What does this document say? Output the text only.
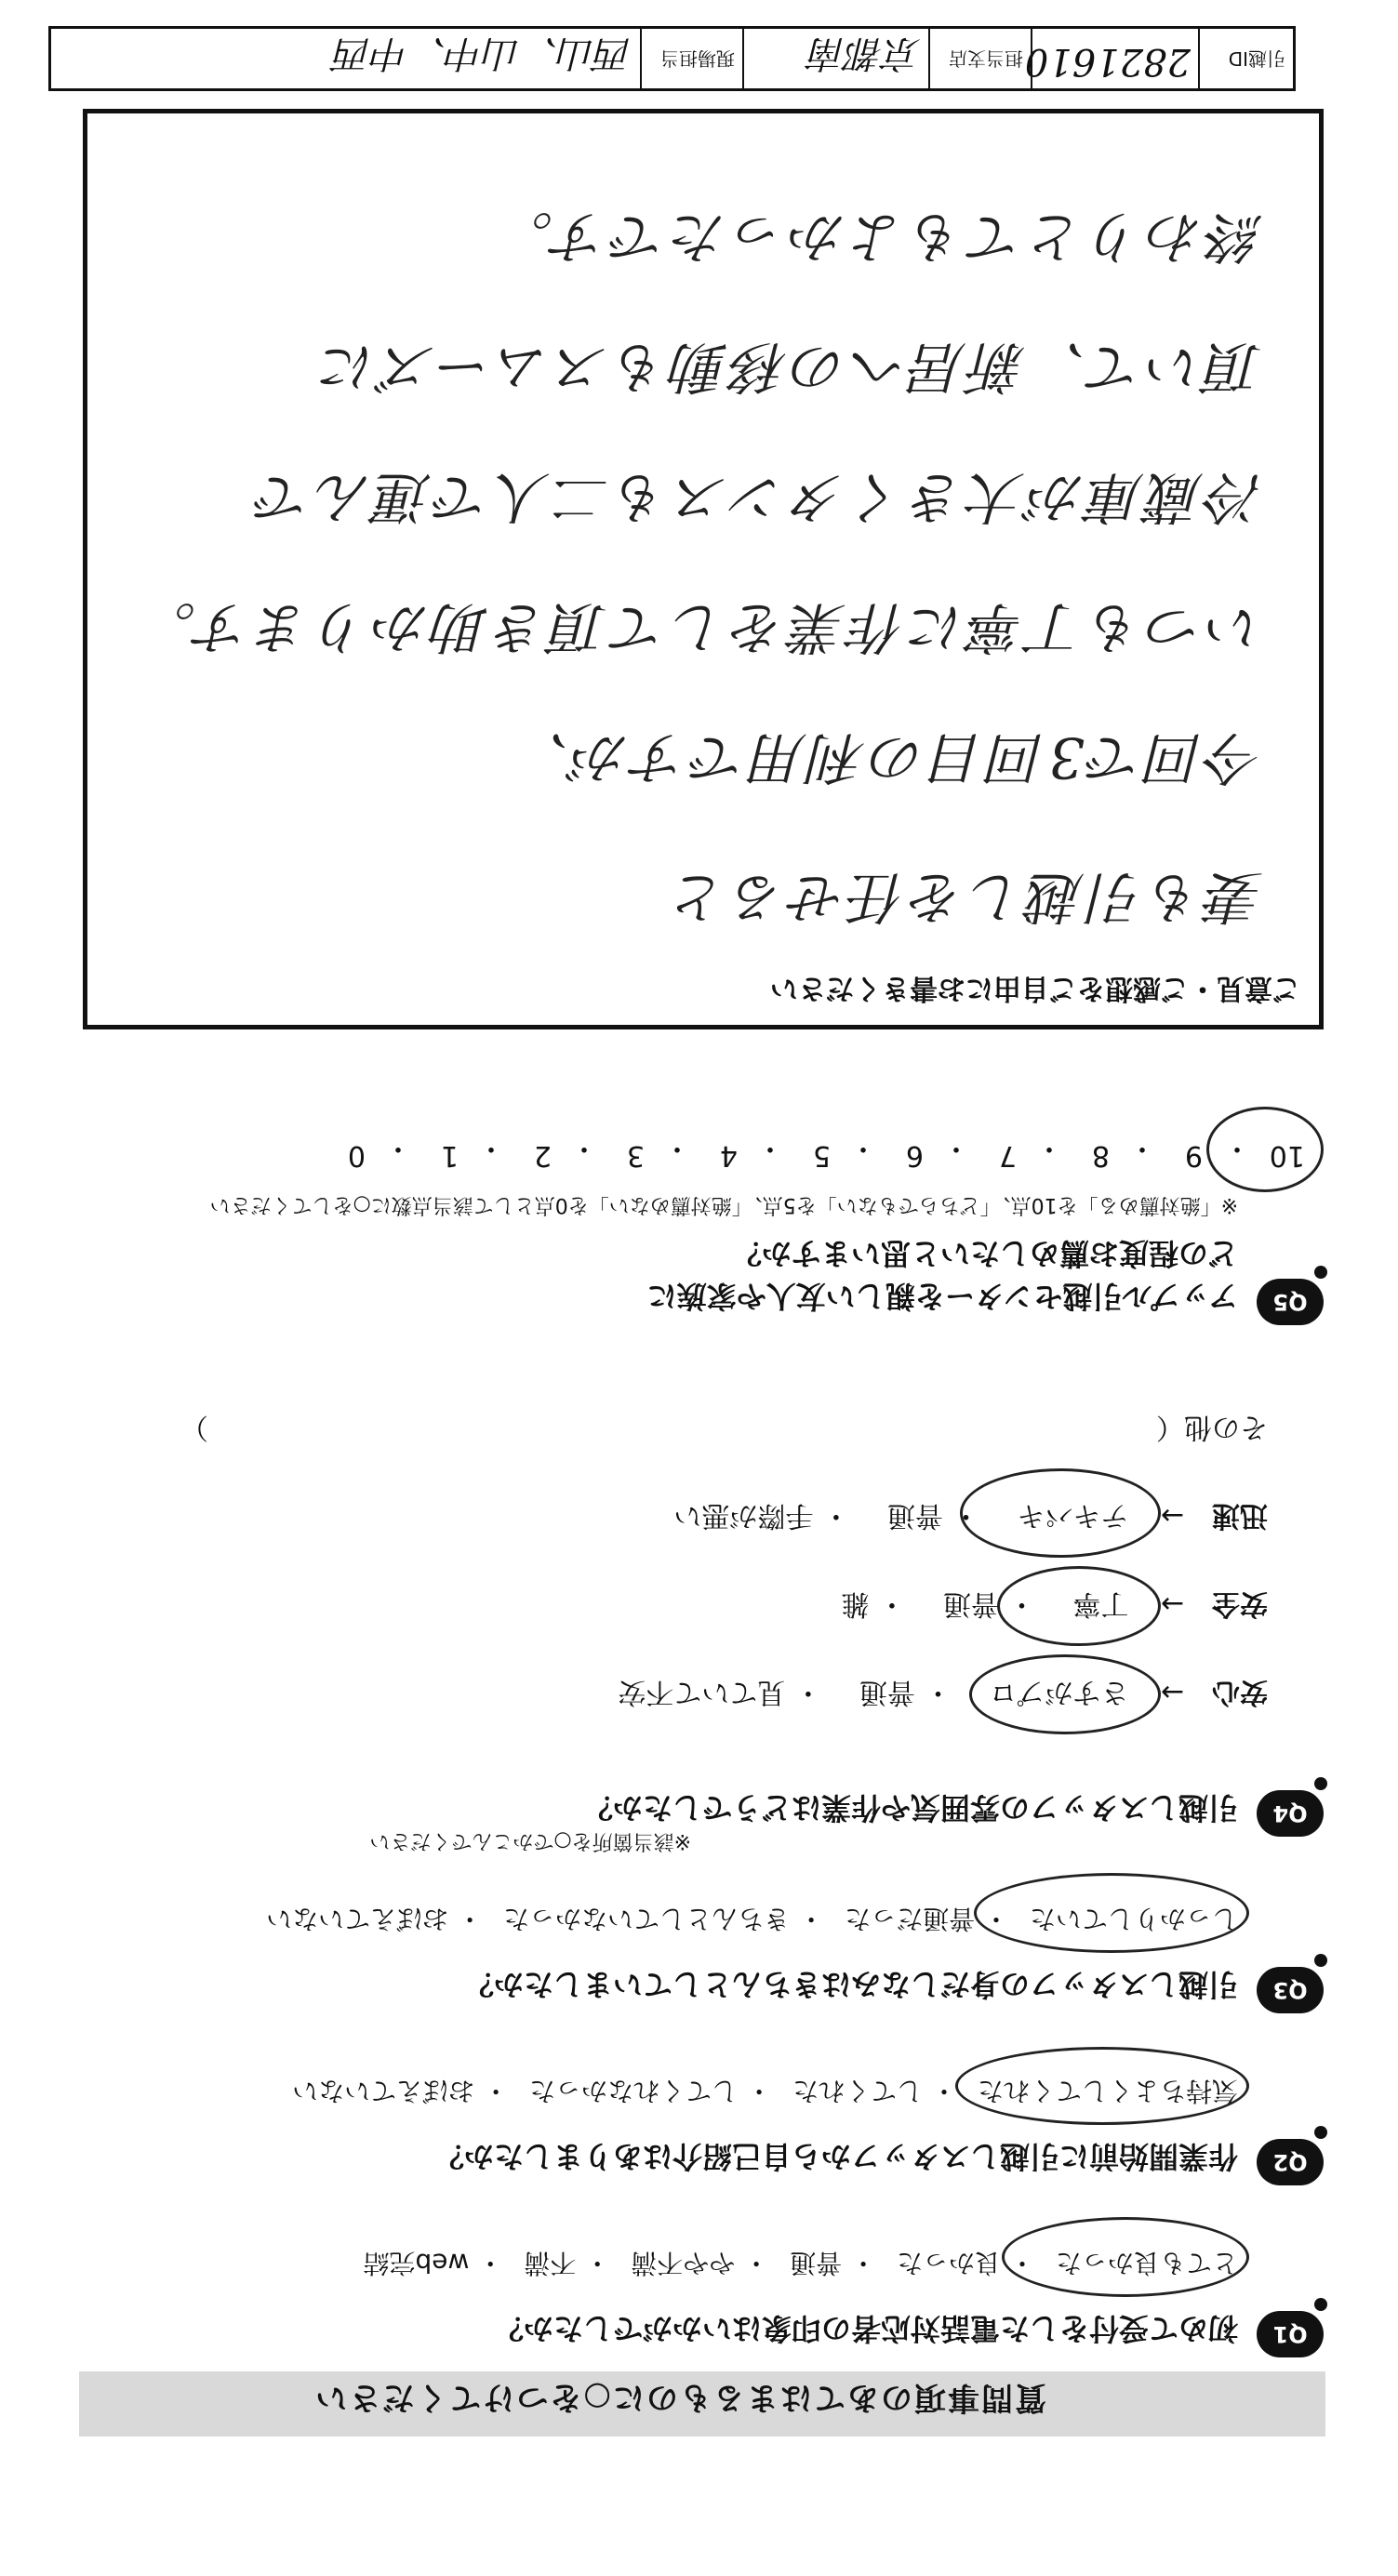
質問事項のあてはまるものに○をつけてください
Q1
初めて受付をした電話対応者の印象はいかがでしたか？
とても良かった・ 良かった・ 普通・ やや不満・ 不満・ web完結
Q2
作業開始前に引越しスタッフから自己紹介はありましたか？
気持ちよくしてくれた・ してくれた・ してくれなかった・ おぼえていない
Q3
引越しスタッフの身だしなみはきちんとしていましたか？
しっかりしていた・ 普通だった・ きちんとしていなかった・ おぼえていない
Q4
引越しスタッフの雰囲気や作業はどうでしたか？
※該当箇所を○でかこんでください
安心→ さすがプロ・ 普通・ 見ていて不安
安全→ 丁寧・ 普通・ 雑
迅速→ テキパキ・ 普通・ 手際が悪い
その他（  ）
Q5
アップル引越センターを親しい友人や家族に
どの程度お薦めしたいと思いますか？
※「絶対薦める」を10点、「どちらでもない」を5点、「絶対薦めない」を0点として該当点数に○をしてください
10
・
9
・
8
・
7
・
6
・
5
・
4
・
3
・
2
・
1
・
0
ご意見・ご感想をご自由にお書きください
妻も引越しを任せると
今回で3回目の利用ですが、
いつも丁寧に作業をして頂き助かります。
冷蔵庫が大きくタンスも二人で運んで
頂いて、新居への移動もスムーズに
終わりとてもよかったです。
引越ID
2821610
担当支店
京都南
現場担当
西山、山中、中西
